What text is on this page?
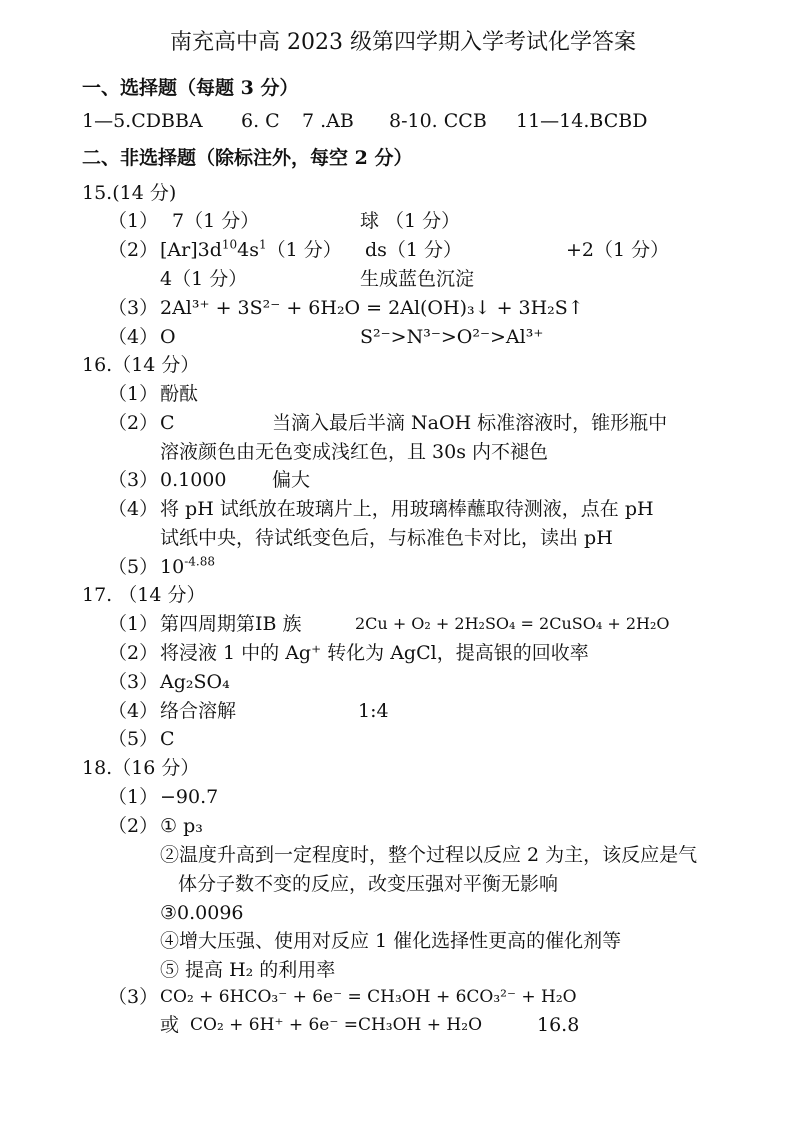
南充高中高 2023 级第四学期入学考试化学答案
一、选择题（每题 3 分）
1—5.CDBBA 6. C 7 .AB 8-10. CCB 11—14.BCBD
二、非选择题（除标注外，每空 2 分）
15.(14 分)
（1） 7（1 分）	球 （1 分）
（2） $[Ar]3d^{10}4s^1(1$ 分） ds（1 分）	+2（1 分）
4（1 分）	生成蓝色沉淀
（3） 2Al³⁺ + 3S²⁻ + 6H₂O = 2Al(OH)₃↓ + 3H₂S↑
（4） O	S²⁻>N³⁻>O²⁻>Al³⁺
16.（14 分）
（1） 酚酞
（2） C	当滴入最后半滴 NaOH 标准溶液时，锥形瓶中
溶液颜色由无色变成浅红色，且 30s 内不褪色
（3） 0.1000 偏大
（4） 将 pH 试纸放在玻璃片上，用玻璃棒蘸取待测液，点在 pH
试纸中央，待试纸变色后，与标准色卡对比，读出 pH
（5） $10^{-4.88}$
17. （14 分）
（1） 第四周期第IB 族	2Cu + O₂ + 2H₂SO₄ = 2CuSO₄ + 2H₂O
（2） 将浸液 1 中的 Ag⁺ 转化为 AgCl，提高银的回收率
（3） Ag₂SO₄
（4） 络合溶解	1:4
（5） C
18.（16 分）
（1） −90.7
（2） ① p₃
②温度升高到一定程度时，整个过程以反应 2 为主，该反应是气
体分子数不变的反应，改变压强对平衡无影响
③0.0096
④增大压强、使用对反应 1 催化选择性更高的催化剂等
⑤ 提高 H₂ 的利用率
（3） CO₂ + 6HCO₃⁻ + 6e⁻ = CH₃OH + 6CO₃²⁻ + H₂O
或 CO₂ + 6H⁺ + 6e⁻ =CH₃OH + H₂O	16.8
